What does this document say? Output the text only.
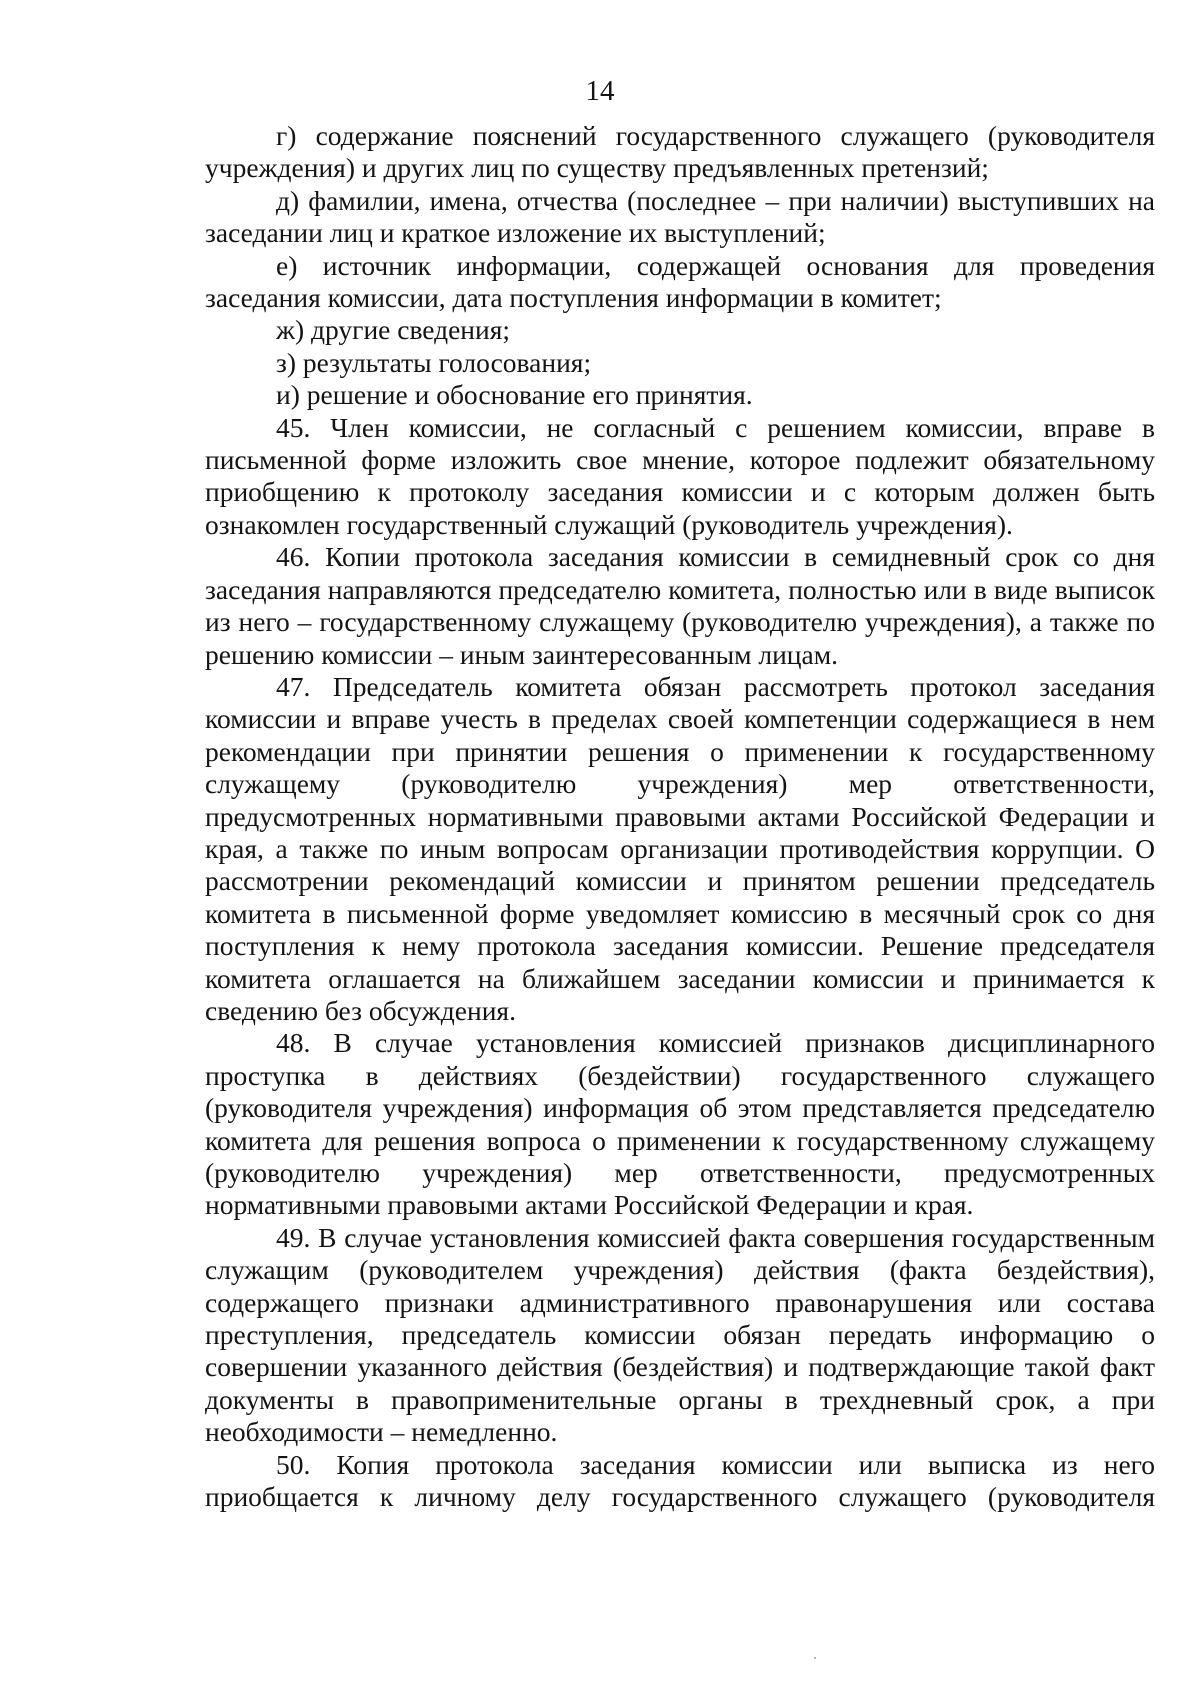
14

г) содержание пояснений государственного служащего (руководителя учреждения) и других лиц по существу предъявленных претензий;

д) фамилии, имена, отчества (последнее – при наличии) выступивших на заседании лиц и краткое изложение их выступлений;

е) источник информации, содержащей основания для проведения заседания комиссии, дата поступления информации в комитет;

ж) другие сведения;

з) результаты голосования;

и) решение и обоснование его принятия.

45. Член комиссии, не согласный с решением комиссии, вправе в письменной форме изложить свое мнение, которое подлежит обязательному приобщению к протоколу заседания комиссии и с которым должен быть ознакомлен государственный служащий (руководитель учреждения).

46. Копии протокола заседания комиссии в семидневный срок со дня заседания направляются председателю комитета, полностью или в виде выписок из него – государственному служащему (руководителю учреждения), а также по решению комиссии – иным заинтересованным лицам.

47. Председатель комитета обязан рассмотреть протокол заседания комиссии и вправе учесть в пределах своей компетенции содержащиеся в нем рекомендации при принятии решения о применении к государственному служащему (руководителю учреждения) мер ответственности, предусмотренных нормативными правовыми актами Российской Федерации и края, а также по иным вопросам организации противодействия коррупции. О рассмотрении рекомендаций комиссии и принятом решении председатель комитета в письменной форме уведомляет комиссию в месячный срок со дня поступления к нему протокола заседания комиссии. Решение председателя комитета оглашается на ближайшем заседании комиссии и принимается к сведению без обсуждения.

48. В случае установления комиссией признаков дисциплинарного проступка в действиях (бездействии) государственного служащего (руководителя учреждения) информация об этом представляется председателю комитета для решения вопроса о применении к государственному служащему (руководителю учреждения) мер ответственности, предусмотренных нормативными правовыми актами Российской Федерации и края.

49. В случае установления комиссией факта совершения государственным служащим (руководителем учреждения) действия (факта бездействия), содержащего признаки административного правонарушения или состава преступления, председатель комиссии обязан передать информацию о совершении указанного действия (бездействия) и подтверждающие такой факт документы в правоприменительные органы в трехдневный срок, а при необходимости – немедленно.

50. Копия протокола заседания комиссии или выписка из него приобщается к личному делу государственного служащего (руководителя
